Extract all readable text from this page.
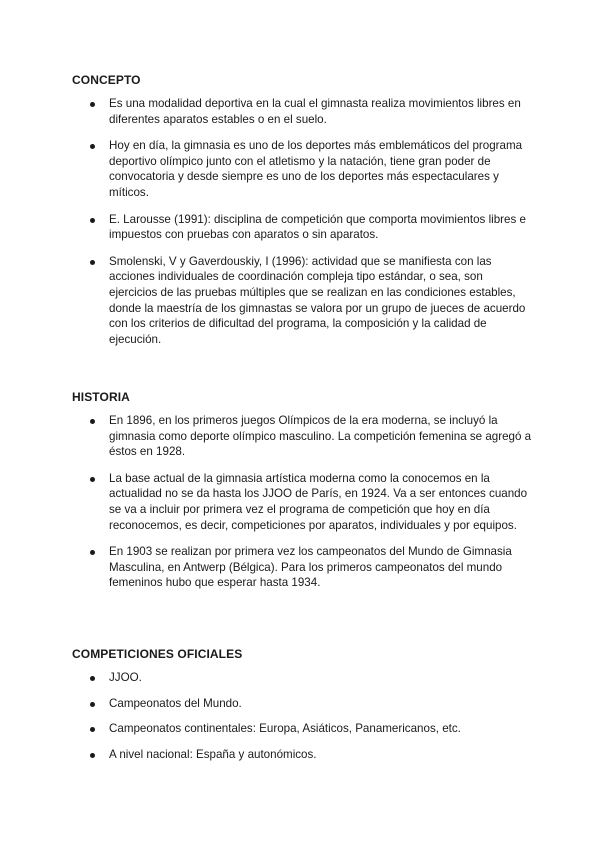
CONCEPTO
Es una modalidad deportiva en la cual el gimnasta realiza movimientos libres en diferentes aparatos estables o en el suelo.
Hoy en día, la gimnasia es uno de los deportes más emblemáticos del programa deportivo olímpico junto con el atletismo y la natación, tiene gran poder de convocatoria y desde siempre es uno de los deportes más espectaculares y míticos.
E. Larousse (1991): disciplina de competición que comporta movimientos libres e impuestos con pruebas con aparatos o sin aparatos.
Smolenski, V y Gaverdouskiy, I (1996): actividad que se manifiesta con las acciones individuales de coordinación compleja tipo estándar, o sea, son ejercicios de las pruebas múltiples que se realizan en las condiciones estables, donde la maestría de los gimnastas se valora por un grupo de jueces de acuerdo con los criterios de dificultad del programa, la composición y la calidad de ejecución.
HISTORIA
En 1896, en los primeros juegos Olímpicos de la era moderna, se incluyó la gimnasia como deporte olímpico masculino. La competición femenina se agregó a éstos en 1928.
La base actual de la gimnasia artística moderna como la conocemos en la actualidad no se da hasta los JJOO de París, en 1924. Va a ser entonces cuando se va a incluir por primera vez el programa de competición que hoy en día reconocemos, es decir, competiciones por aparatos, individuales y por equipos.
En 1903 se realizan por primera vez los campeonatos del Mundo de Gimnasia Masculina, en Antwerp (Bélgica). Para los primeros campeonatos del mundo femeninos hubo que esperar hasta 1934.
COMPETICIONES OFICIALES
JJOO.
Campeonatos del Mundo.
Campeonatos continentales: Europa, Asiáticos, Panamericanos, etc.
A nivel nacional: España y autonómicos.
